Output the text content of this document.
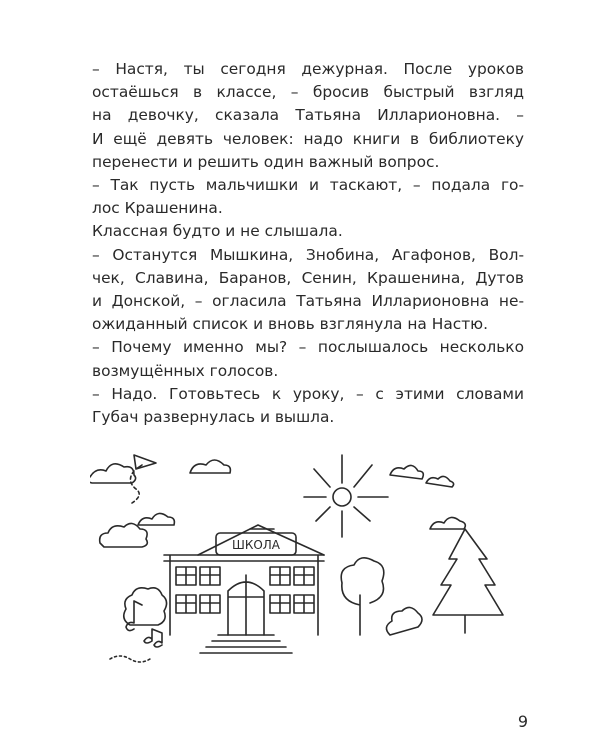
– Настя, ты сегодня дежурная. После уроков
остаёшься в классе, – бросив быстрый взгляд
на девочку, сказала Татьяна Илларионовна. –
И ещё девять человек: надо книги в библиотеку
перенести и решить один важный вопрос.

– Так пусть мальчишки и таскают, – подала го-
лос Крашенина.

Классная будто и не слышала.

– Останутся Мышкина, Знобина, Агафонов, Вол-
чек, Славина, Баранов, Сенин, Крашенина, Дутов
и Донской, – огласила Татьяна Илларионовна не-
ожиданный список и вновь взглянула на Настю.

– Почему именно мы? – послышалось несколько
возмущённых голосов.

– Надо. Готовьтесь к уроку, – с этими словами
Губач развернулась и вышла.

ШКОЛА
9
